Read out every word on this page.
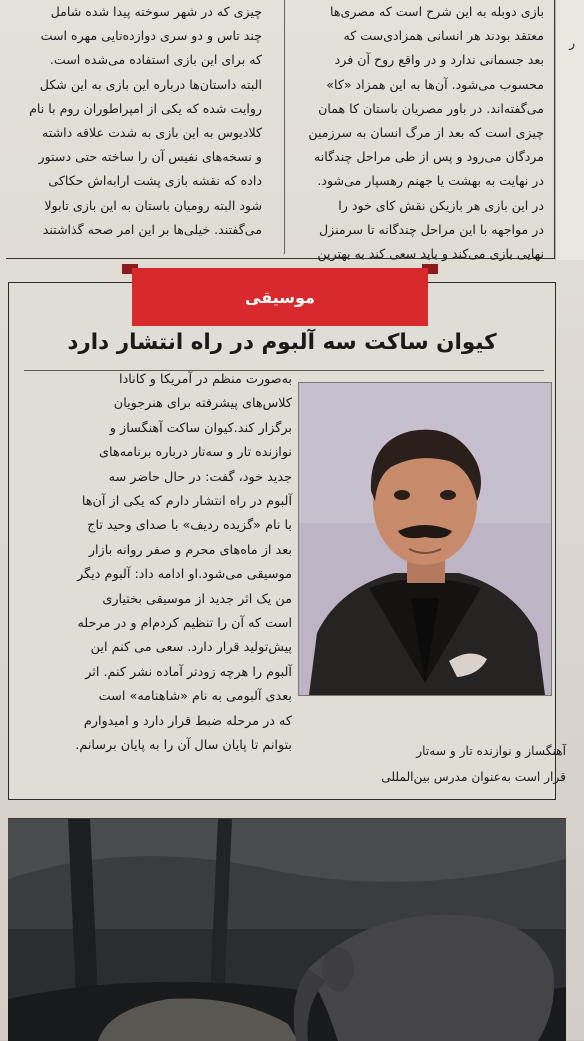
بازی دوبله به این شرح است که مصری‌ها

معتقد بودند هر انسانی همزادی‌ست که

بعد جسمانی ندارد و در واقع روح آن فرد

محسوب می‌شود. آن‌ها به این همزاد «کا»

می‌گفته‌اند. در باور مصریان باستان کا همان

چیزی است که بعد از مرگ انسان به سرزمین

مردگان می‌رود و پس از طی مراحل چندگانه

در نهایت به بهشت یا جهنم رهسپار می‌شود.

در این بازی هر بازیکن نقش کای خود را

در مواجهه با این مراحل چندگانه تا سرمنزل

نهایی بازی می‌کند و باید سعی کند به بهترین

چیزی که در شهر سوخته پیدا شده شامل

چند تاس و دو سری دوازده‌تایی مهره است

که برای این بازی استفاده می‌شده است.

البته داستان‌ها درباره این بازی به این شکل

روایت شده که یکی از امپراطوران روم با نام

کلادیوس به این بازی به شدت علاقه داشته

و نسخه‌های نفیس آن را ساخته حتی دستور

داده که نقشه بازی پشت ارابه‌اش حکاکی

شود البته رومیان باستان به این بازی تابولا

می‌گفتند. خیلی‌ها بر این امر صحه گذاشتند

ر
موسیقی
کیوان ساکت سه آلبوم در راه انتشار دارد

به‌صورت منظم در آمریکا و کانادا

کلاس‌های پیشرفته برای هنرجویان

برگزار کند.کیوان ساکت آهنگساز و

نوازنده تار و سه‌تار درباره برنامه‌های

جدید خود، گفت: در حال حاضر سه

آلبوم در راه انتشار دارم که یکی از آن‌ها

با نام «گزیده ردیف» با صدای وحید تاج

بعد از ماه‌های محرم و صفر روانه بازار

موسیقی می‌شود.او ادامه داد: آلبوم دیگر

من یک اثر جدید از موسیقی بختیاری

است که آن را تنظیم کردم‌ام و در مرحله

پیش‌تولید قرار دارد. سعی می کنم این

آلبوم را هرچه زودتر آماده نشر کنم. اثر

بعدی آلبومی به نام «شاهنامه» است

که در مرحله ضبط قرار دارد و امیدوارم

بتوانم تا پایان سال آن را به پایان برسانم.	آهنگساز و نوازنده تار و سه‌تار

قرار است به‌عنوان مدرس بین‌المللی
